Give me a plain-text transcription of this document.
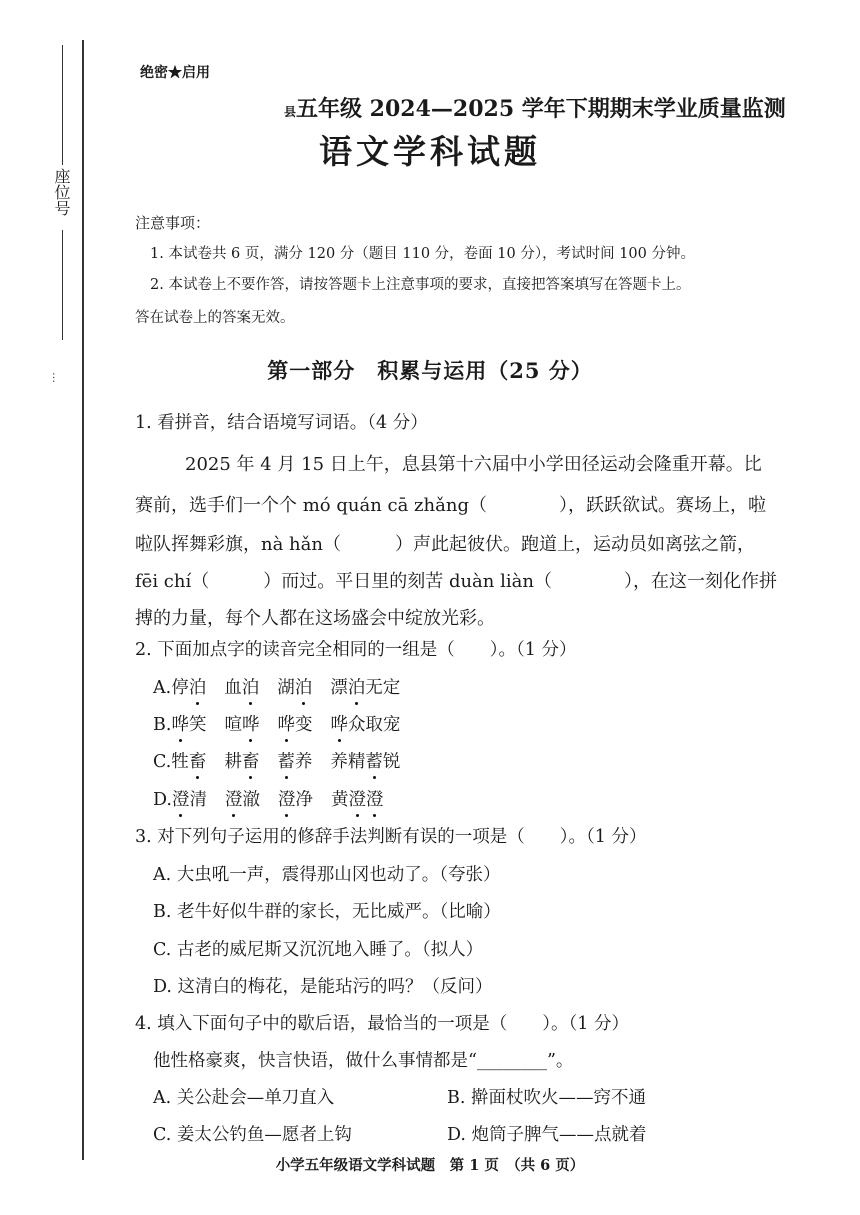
座位号
…
绝密★启用
县五年级 2024—2025 学年下期期末学业质量监测
语文学科试题
注意事项：
1. 本试卷共 6 页，满分 120 分（题目 110 分，卷面 10 分），考试时间 100 分钟。
2. 本试卷上不要作答，请按答题卡上注意事项的要求，直接把答案填写在答题卡上。
答在试卷上的答案无效。
第一部分　积累与运用（25 分）
1. 看拼音，结合语境写词语。（4 分）
2025 年 4 月 15 日上午，息县第十六届中小学田径运动会隆重开幕。比
赛前，选手们一个个 mó quán cā zhǎng（　　　　），跃跃欲试。赛场上，啦
啦队挥舞彩旗，nà hǎn（　　　）声此起彼伏。跑道上，运动员如离弦之箭，
fēi chí（　　　）而过。平日里的刻苦 duàn liàn（　　　　），在这一刻化作拼
搏的力量，每个人都在这场盛会中绽放光彩。
2. 下面加点字的读音完全相同的一组是（　　）。（1 分）
A.停泊 血泊 湖泊 漂泊无定
B.哗笑 喧哗 哗变 哗众取宠
C.牲畜 耕畜 蓄养 养精蓄锐
D.澄清 澄澈 澄净 黄澄澄
3. 对下列句子运用的修辞手法判断有误的一项是（　　）。（1 分）
A. 大虫吼一声，震得那山冈也动了。（夸张）
B. 老牛好似牛群的家长，无比威严。（比喻）
C. 古老的威尼斯又沉沉地入睡了。（拟人）
D. 这清白的梅花，是能玷污的吗？（反问）
4. 填入下面句子中的歇后语，最恰当的一项是（　　）。（1 分）
他性格豪爽，快言快语，做什么事情都是“________”。
A. 关公赴会—单刀直入	B. 擀面杖吹火——窍不通
C. 姜太公钓鱼—愿者上钩	D. 炮筒子脾气——点就着
小学五年级语文学科试题　第 1 页　（共 6 页）
